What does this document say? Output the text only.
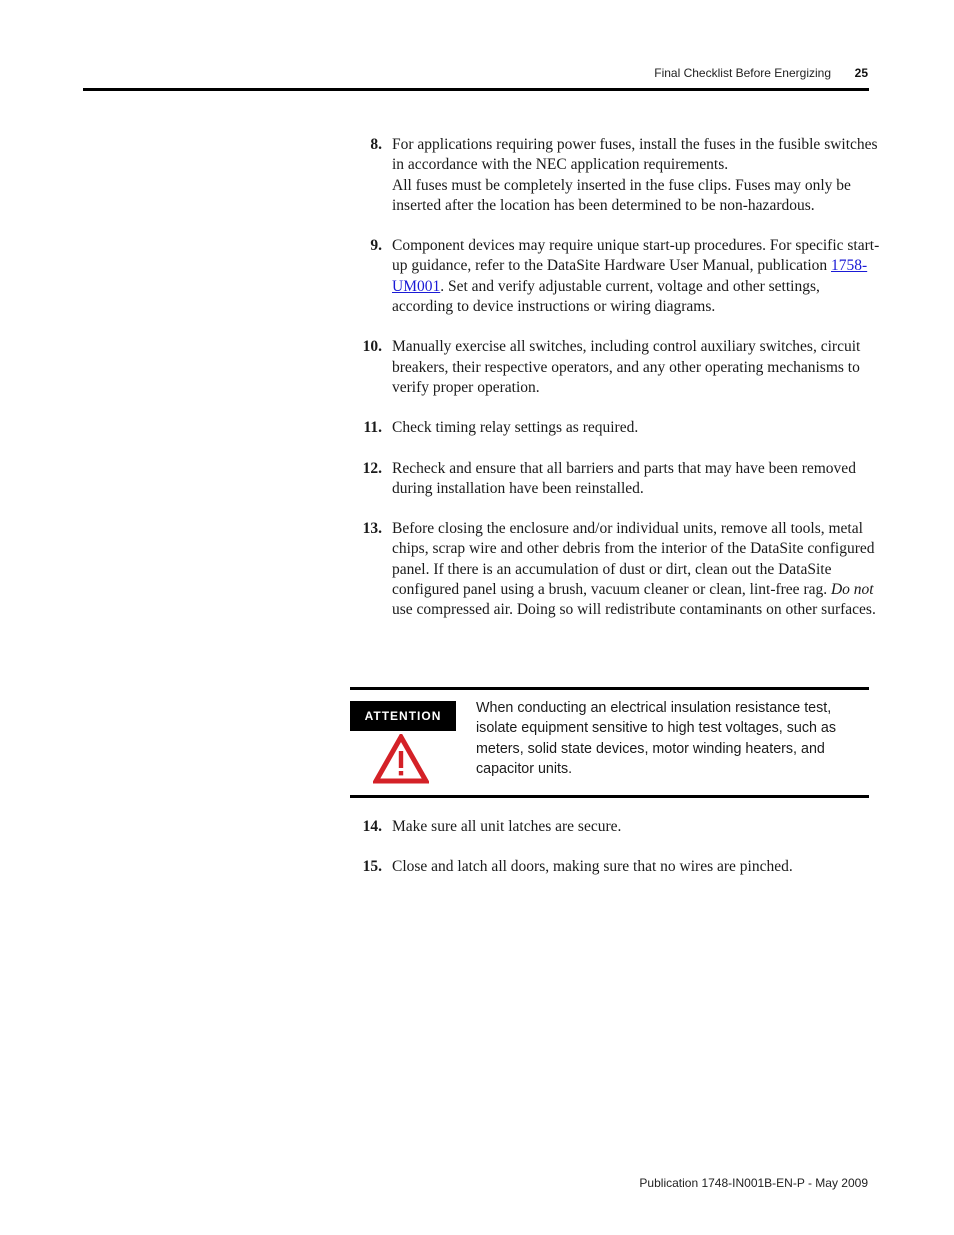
Final Checklist Before Energizing 25
8. For applications requiring power fuses, install the fuses in the fusible switches in accordance with the NEC application requirements.
All fuses must be completely inserted in the fuse clips. Fuses may only be inserted after the location has been determined to be non-hazardous.
9. Component devices may require unique start-up procedures. For specific start-up guidance, refer to the DataSite Hardware User Manual, publication 1758-UM001. Set and verify adjustable current, voltage and other settings, according to device instructions or wiring diagrams.
10. Manually exercise all switches, including control auxiliary switches, circuit breakers, their respective operators, and any other operating mechanisms to verify proper operation.
11. Check timing relay settings as required.
12. Recheck and ensure that all barriers and parts that may have been removed during installation have been reinstalled.
13. Before closing the enclosure and/or individual units, remove all tools, metal chips, scrap wire and other debris from the interior of the DataSite configured panel. If there is an accumulation of dust or dirt, clean out the DataSite configured panel using a brush, vacuum cleaner or clean, lint-free rag. Do not use compressed air. Doing so will redistribute contaminants on other surfaces.
ATTENTION	When conducting an electrical insulation resistance test, isolate equipment sensitive to high test voltages, such as meters, solid state devices, motor winding heaters, and capacitor units.
14. Make sure all unit latches are secure.
15. Close and latch all doors, making sure that no wires are pinched.
Publication 1748-IN001B-EN-P - May 2009
